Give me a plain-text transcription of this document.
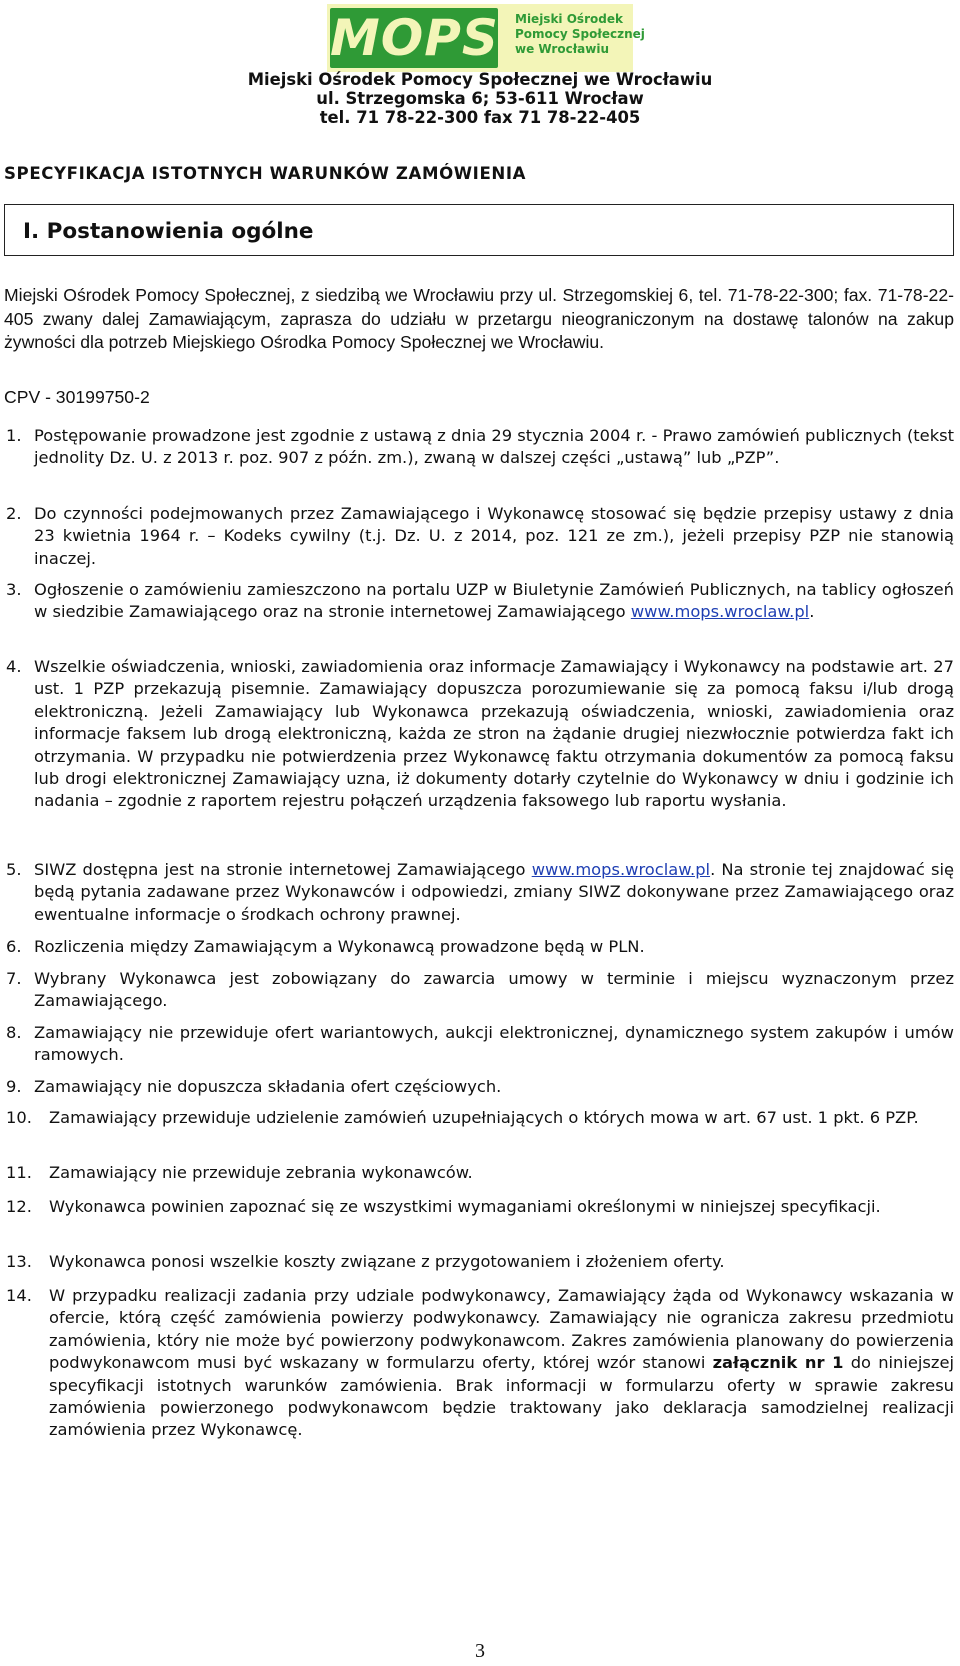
MOPS Miejski Ośrodek
Pomocy Społecznej
we Wrocławiu
Miejski Ośrodek Pomocy Społecznej we Wrocławiu
ul. Strzegomska 6; 53-611 Wrocław
tel. 71 78-22-300 fax 71 78-22-405
SPECYFIKACJA ISTOTNYCH WARUNKÓW ZAMÓWIENIA
I. Postanowienia ogólne
Miejski Ośrodek Pomocy Społecznej, z siedzibą we Wrocławiu przy ul. Strzegomskiej 6, tel. 71-78-22-300; fax. 71-78-22-405 zwany dalej Zamawiającym, zaprasza do udziału w przetargu nieograniczonym na dostawę talonów na zakup żywności dla potrzeb Miejskiego Ośrodka Pomocy Społecznej we Wrocławiu.
CPV - 30199750-2
1. Postępowanie prowadzone jest zgodnie z ustawą z dnia 29 stycznia 2004 r. - Prawo zamówień publicznych (tekst jednolity Dz. U. z 2013 r. poz. 907 z późn. zm.), zwaną w dalszej części „ustawą” lub „PZP”.
2. Do czynności podejmowanych przez Zamawiającego i Wykonawcę stosować się będzie przepisy ustawy z dnia 23 kwietnia 1964 r. – Kodeks cywilny (t.j. Dz. U. z 2014, poz. 121 ze zm.), jeżeli przepisy PZP nie stanowią inaczej.
3. Ogłoszenie o zamówieniu zamieszczono na portalu UZP w Biuletynie Zamówień Publicznych, na tablicy ogłoszeń w siedzibie Zamawiającego oraz na stronie internetowej Zamawiającego www.mops.wroclaw.pl.
4. Wszelkie oświadczenia, wnioski, zawiadomienia oraz informacje Zamawiający i Wykonawcy na podstawie art. 27 ust. 1 PZP przekazują pisemnie. Zamawiający dopuszcza porozumiewanie się za pomocą faksu i/lub drogą elektroniczną. Jeżeli Zamawiający lub Wykonawca przekazują oświadczenia, wnioski, zawiadomienia oraz informacje faksem lub drogą elektroniczną, każda ze stron na żądanie drugiej niezwłocznie potwierdza fakt ich otrzymania. W przypadku nie potwierdzenia przez Wykonawcę faktu otrzymania dokumentów za pomocą faksu lub drogi elektronicznej Zamawiający uzna, iż dokumenty dotarły czytelnie do Wykonawcy w dniu i godzinie ich nadania – zgodnie z raportem rejestru połączeń urządzenia faksowego lub raportu wysłania.
5. SIWZ dostępna jest na stronie internetowej Zamawiającego www.mops.wroclaw.pl. Na stronie tej znajdować się będą pytania zadawane przez Wykonawców i odpowiedzi, zmiany SIWZ dokonywane przez Zamawiającego oraz ewentualne informacje o środkach ochrony prawnej.
6. Rozliczenia między Zamawiającym a Wykonawcą prowadzone będą w PLN.
7. Wybrany Wykonawca jest zobowiązany do zawarcia umowy w terminie i miejscu wyznaczonym przez Zamawiającego.
8. Zamawiający nie przewiduje ofert wariantowych, aukcji elektronicznej, dynamicznego system zakupów i umów ramowych.
9. Zamawiający nie dopuszcza składania ofert częściowych.
10.	Zamawiający przewiduje udzielenie zamówień uzupełniających o których mowa w art. 67 ust. 1 pkt. 6 PZP.
11.	Zamawiający nie przewiduje zebrania wykonawców.
12.	Wykonawca powinien zapoznać się ze wszystkimi wymaganiami określonymi w niniejszej specyfikacji.
13.	Wykonawca ponosi wszelkie koszty związane z przygotowaniem i złożeniem oferty.
14.	W przypadku realizacji zadania przy udziale podwykonawcy, Zamawiający żąda od Wykonawcy wskazania w ofercie, którą część zamówienia powierzy podwykonawcy. Zamawiający nie ogranicza zakresu przedmiotu zamówienia, który nie może być powierzony podwykonawcom. Zakres zamówienia planowany do powierzenia podwykonawcom musi być wskazany w formularzu oferty, której wzór stanowi załącznik nr 1 do niniejszej specyfikacji istotnych warunków zamówienia. Brak informacji w formularzu oferty w sprawie zakresu zamówienia powierzonego podwykonawcom będzie traktowany jako deklaracja samodzielnej realizacji zamówienia przez Wykonawcę.
3
